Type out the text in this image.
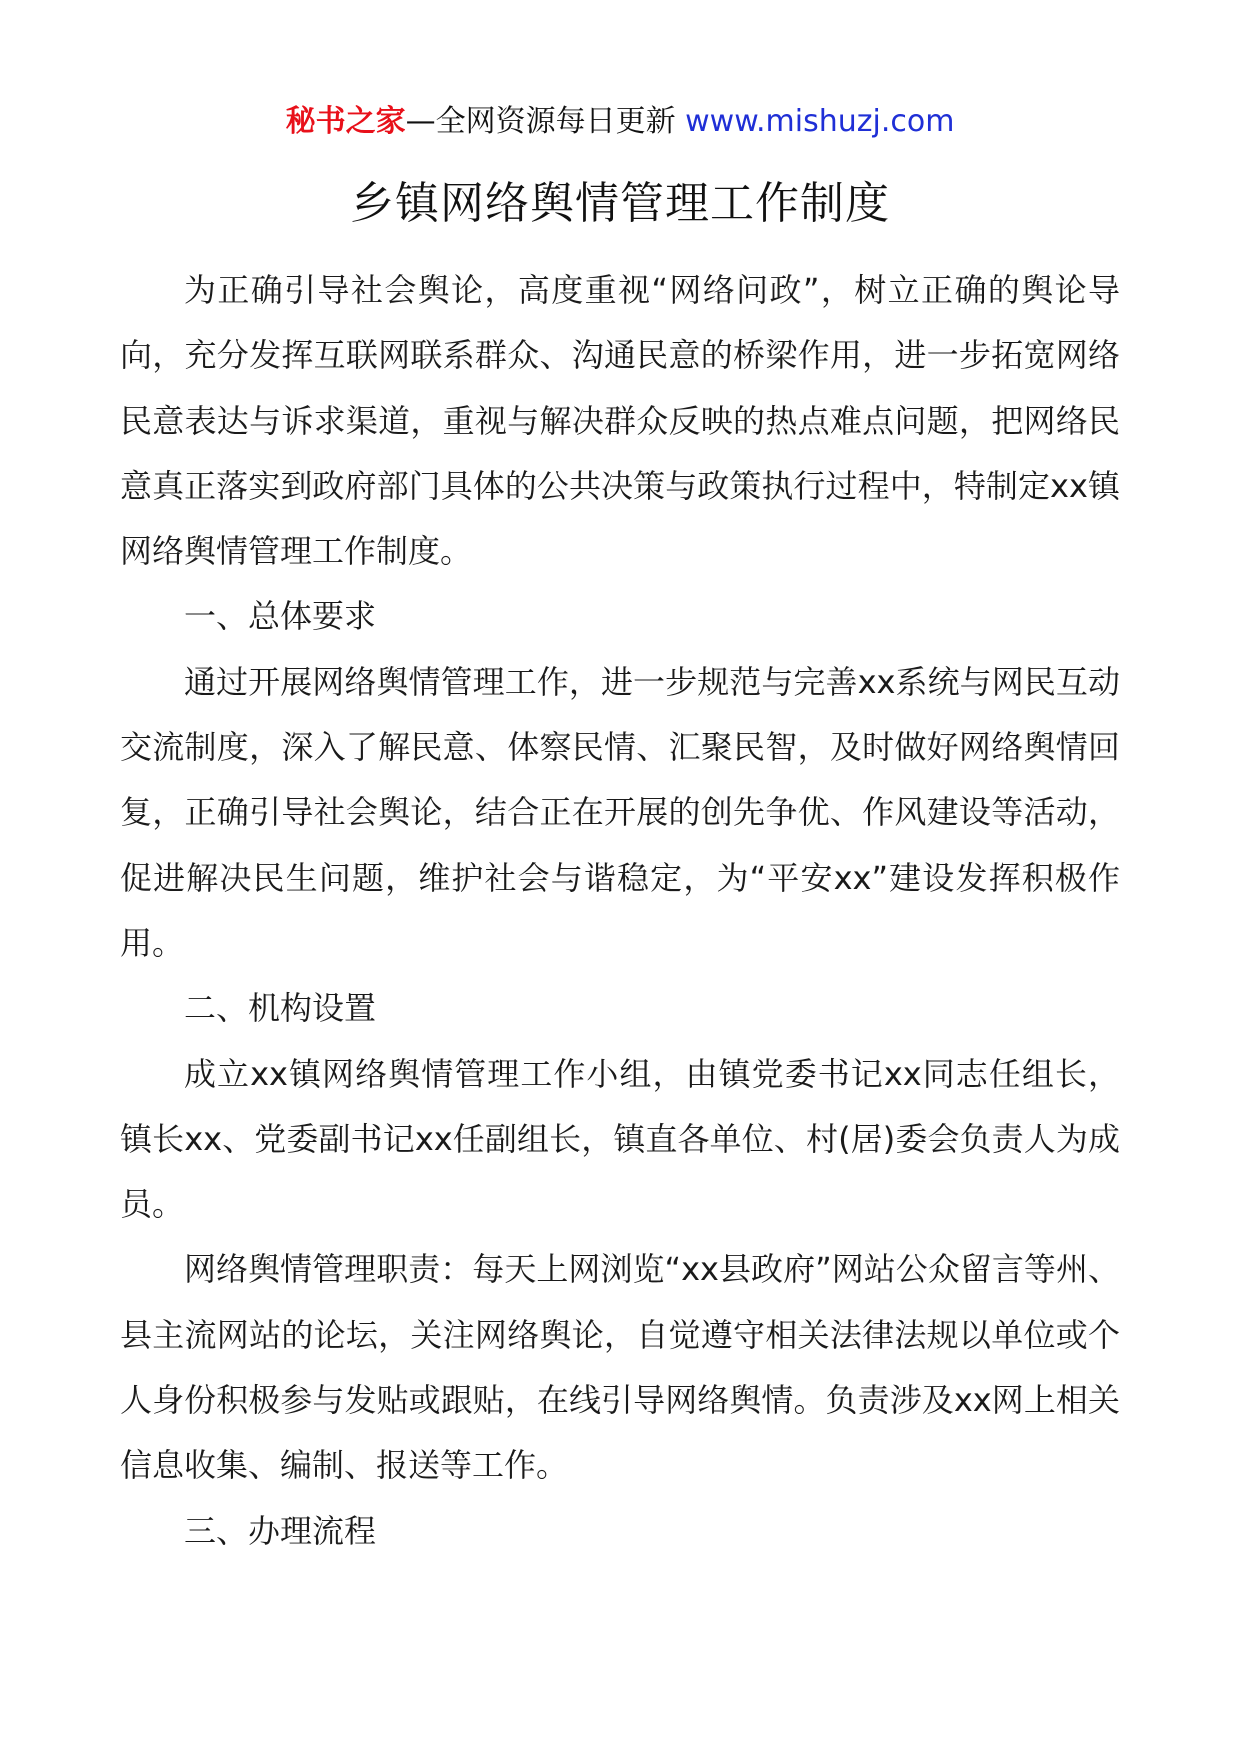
秘书之家—全网资源每日更新 www.mishuzj.com
乡镇网络舆情管理工作制度

为正确引导社会舆论，高度重视“网络问政”，树立正确的舆论导向，充分发挥互联网联系群众、沟通民意的桥梁作用，进一步拓宽网络民意表达与诉求渠道，重视与解决群众反映的热点难点问题，把网络民意真正落实到政府部门具体的公共决策与政策执行过程中，特制定xx镇网络舆情管理工作制度。

一、总体要求

通过开展网络舆情管理工作，进一步规范与完善xx系统与网民互动交流制度，深入了解民意、体察民情、汇聚民智，及时做好网络舆情回复，正确引导社会舆论，结合正在开展的创先争优、作风建设等活动，促进解决民生问题，维护社会与谐稳定，为“平安xx”建设发挥积极作用。

二、机构设置

成立xx镇网络舆情管理工作小组，由镇党委书记xx同志任组长，镇长xx、党委副书记xx任副组长，镇直各单位、村(居)委会负责人为成员。

网络舆情管理职责：每天上网浏览“xx县政府”网站公众留言等州、县主流网站的论坛，关注网络舆论，自觉遵守相关法律法规以单位或个人身份积极参与发贴或跟贴，在线引导网络舆情。负责涉及xx网上相关信息收集、编制、报送等工作。

三、办理流程
